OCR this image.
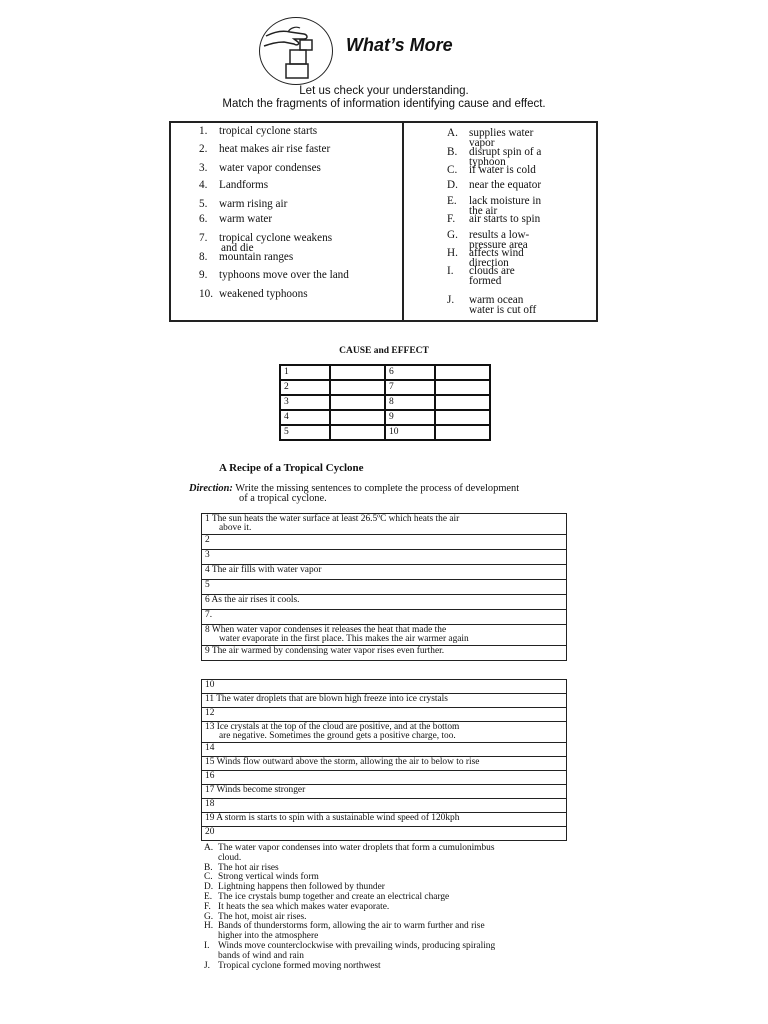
What’s More
Let us check your understanding.
Match the fragments of information identifying cause and effect.
1. tropical cyclone starts
2. heat makes air rise faster
3. water vapor condenses
4. Landforms
5. warm rising air
6. warm water
7. tropical cyclone weakens
and die
8. mountain ranges
9. typhoons move over the land
10. weakened typhoons
A. supplies water
vapor
B. disrupt spin of a
typhoon
C. if water is cold
D. near the equator
E. lack moisture in
the air
F. air starts to spin
G. results a low-
pressure area
H. affects wind
direction
I. clouds are
formed
J. warm ocean
water is cut off
CAUSE and EFFECT
1		6	
2		7	
3		8	
4		9	
5		10	
A Recipe of a Tropical Cyclone
Direction: Write the missing sentences to complete the process of development
of a tropical cyclone.
1 The sun heats the water surface at least 26.5ºC which heats the air
above it.

2
3
4 The air fills with water vapor
5
6 As the air rises it cools.
7.

8 When water vapor condenses it releases the heat that made the
water evaporate in the first place. This makes the air warmer again

9 The air warmed by condensing water vapor rises even further.
10
11 The water droplets that are blown high freeze into ice crystals
12

13 Ice crystals at the top of the cloud are positive, and at the bottom
are negative. Sometimes the ground gets a positive charge, too.

14
15 Winds flow outward above the storm, allowing the air to below to rise
16
17 Winds become stronger
18
19 A storm is starts to spin with a sustainable wind speed of 120kph
20
A. The water vapor condenses into water droplets that form a cumulonimbus
cloud.
B. The hot air rises
C. Strong vertical winds form
D. Lightning happens then followed by thunder
E. The ice crystals bump together and create an electrical charge
F. It heats the sea which makes water evaporate.
G. The hot, moist air rises.
H. Bands of thunderstorms form, allowing the air to warm further and rise
higher into the atmosphere
I. Winds move counterclockwise with prevailing winds, producing spiraling
bands of wind and rain
J. Tropical cyclone formed moving northwest
